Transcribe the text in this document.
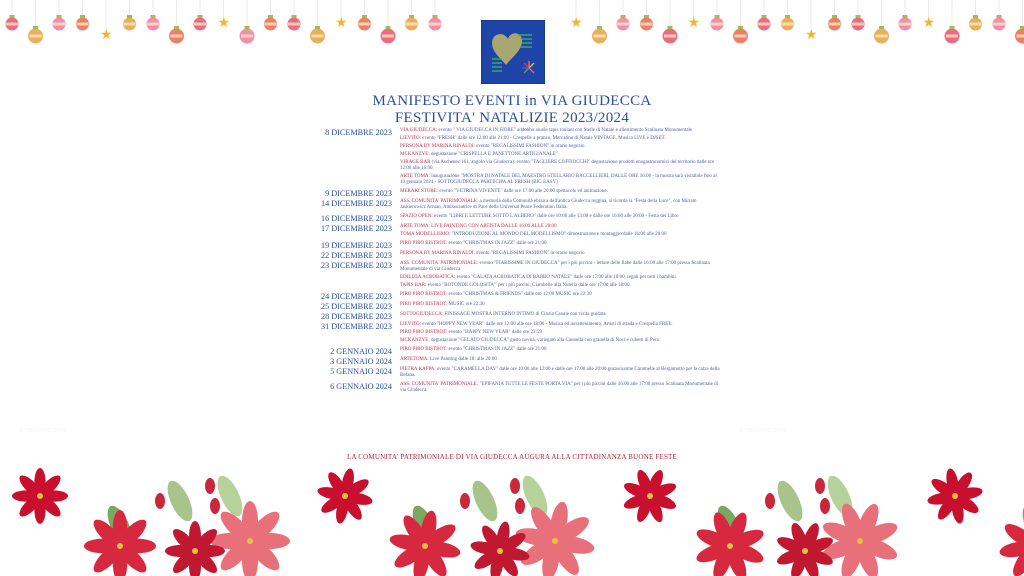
★
★	★	★	★
★
★
MANIFESTO EVENTI in VIA GIUDECCA
FESTIVITA' NATALIZIE 2023/2024
8 DICEMBRE 2023	VIA GIUDECCA: evento " VIA GIUDECCA IN FIORE" addobbo aiuole tapis roulant con Stelle di Natale e allestimento Scalinata Monumentale
LIEVITO: evento "FRESH" dalle ore 12:00 alle 21:00 - Crespelle a pranzo, Mercatino di Natale VINTAGE, Musica LIVE e DJSET.
PERSONA BY MARINA RINALDI: evento "REGALISSIMI FASHION" in orario negozio
MCKANZYE: degustazione "CRISPELLA E PANETTONE ARTIGIANALE"
VIRAGE BAR (via Aschenez 161, angolo via Giudecca): evento "TAGLIERE COFFIOCCHI" degustazione prodotti enogastronomici del territorio dalle ore 12:00 alle 16:00.
ARTE TOMA: inaugurazione "MOSTRA DI NATALE DEL MAESTRO STELLARIO BACCELLIERI, DALLE ORE 16:00 - la mostra sarà visitabile fino al 10 gennaio 2024 - SOTTOGIUDECCA PARTECIPA AL FRESH (BIG EASY)
9 DICEMBRE 2023	MERAKI STORE: evento "VETRINA VIVENTE" dalle ore 17:00 alle 20:00 spettacolo ed animazione.
14 DICEMBRE 2023	ASS. COMUNITA' PATRIMONIALE: a memoria della Comunità ebraica dell'antica Giudecca reggina, si ricorda la "Festa della Luce", con Miriam Jaskierowicz Arman, Ambasciatrice di Pace della Universal Peace Federation Italia.
16 DICEMBRE 2023	SPAZIO OPEN: evento "LIBRI E LETTURE SOTTO L'ALBERO" dalle ore 10:00 alle 13:00 e dalle ore 16:00 alle 20:00 - Festa del Libro
17 DICEMBRE 2023	ARTE TOMA: LIVE PAINTING CON ARTISTA DALLE 16:00 ALLE 20:00
TOMA MODELLISMO: "INTRODUZIONE AL MONDO DEL MODELLISMO" dimostrazione e montaggio dalle 16:00 alle 20:00
19 DICEMBRE 2023	PIRO PIRO BISTROT: evento "CHRISTMAS IN JAZZ" dalle ore 21:00
22 DICEMBRE 2023	PERSONA BY MARINA RINALDI: evento "REGALISSIMI FASHION" in orario negozio
23 DICEMBRE 2023	ASS. COMUNITA' PATRIMONIALE: evento "FIABISSIME IN GIUDECCA" per i più piccini - letture delle fiabe dalle 16:00 alle 17:00 presso Scalinata Monumentale di via Giudecca.
EDILIZIA ACROBATICA: evento "CALATA ACROBATICA DI BABBO NATALE" dalle ore 17:00 alle 18:00, regali per tutti i bambini.
TAPIS BAR: evento "ROTONDE GOLOSITA'" per i più piccini, Ciambelle alla Nutella dalle ore 17:00 alle 18:00.
24 DICEMBRE 2023	PIRO PIRO BISTROT: evento "CHRISTMAS & FRIENDS" dalle ore 12:00 MUSIC ore 22:30
25 DICEMBRE 2023	PIRO PIRO BISTROT: MUSIC ore 22:30
28 DICEMBRE 2023	SOTTOGIUDECCA: FINISSAGE MOSTRA INTERNO INTIMO di Cinzia Canale con visita guidata.
31 DICEMBRE 2023	LIEVITO: evento "HOPPY NEW YEAR" dalle ore 12:00 alle ore 18:00 - Musica ed intrattenimento, Artisti di strada e Crespella FREE.
PIRO PIRO BISTROT: evento "HAPPY NEW YEAR" dalle ore 23:59
MCKANZYE: degustazione "GELATO GIUDECCA" gusto novità, variegato alla Cannella con granella di Noci e cubetti di Pera.
2 GENNAIO 2024	PIRO PIRO BISTROT: evento "CHRISTMAS IN JAZZ" dalle ore 21:00
3 GENNAIO 2024	ARTETOMA: Live Painting dalle 18: alle 20:00
5 GENNAIO 2024	PIETRA KAPPA: evento "CARAMELLA DAY" dalle ore 10:00 alle 12:00 e dalle ore 17:00 alle 20:00 gustosissime Caramelle al Bergamotto per la calza della Befana.
6 GENNAIO 2024	ASS. COMUNITA' PATRIMONIALE: "EPIFANIA TUTTE LE FESTE PORTA VIA" per i più piccini dalle 16:00 alle 17:00 presso Scalinata Monumentale di via Giudecca.
6 GENNAIO 2024	6 GENNAIO 2024
LA COMUNITA' PATRIMONIALE DI VIA GIUDECCA AUGURA ALLA CITTADINANZA BUONE FESTE
